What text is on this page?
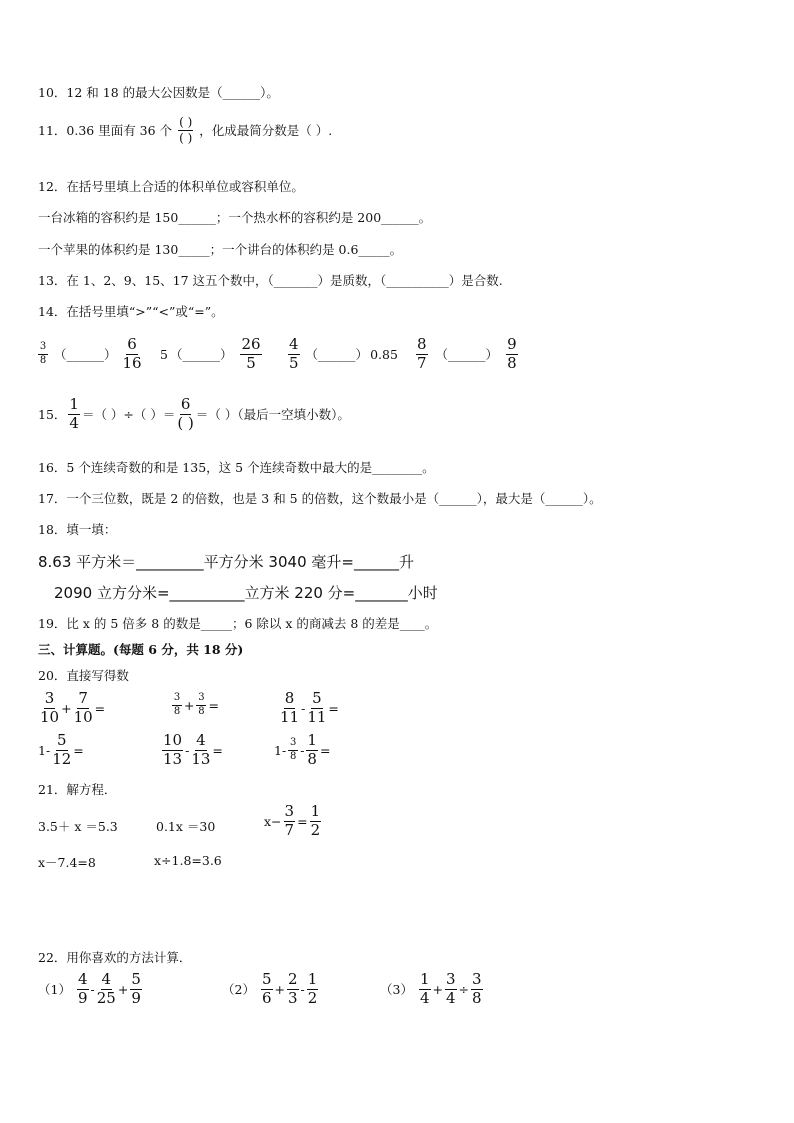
10．12 和 18 的最大公因数是（______）。
11．0.36 里面有 36 个 $\frac{( )}{( )}$ ，化成最简分数是（ ）.
12．在括号里填上合适的体积单位或容积单位。
一台冰箱的容积约是 150______；一个热水杯的容积约是 200______。
一个苹果的体积约是 130_____；一个讲台的体积约是 0.6_____。
13．在 1、2、9、15、17 这五个数中，（_______）是质数，（__________）是合数.
14．在括号里填“>”“<”或“=”。
$\frac{3}{8}$ （______） $\frac{6}{16} 5$ （______） $\frac{26}{5} \frac{4}{5}$ （______） $0.85 \frac{8}{7}$ （______） $\frac{9}{8}$
15． $\frac{1}{4}$ ＝（ ）÷（ ）＝ $\frac{6}{( )}$ ＝（ ）（最后一空填小数）。
16．5 个连续奇数的和是 135，这 5 个连续奇数中最大的是________。
17．一个三位数，既是 2 的倍数，也是 3 和 5 的倍数，这个数最小是（______），最大是（______）。
18．填一填：
8.63 平方米＝_________平方分米 3040 毫升=______升
2090 立方分米=__________立方米 220 分=_______小时
19．比 x 的 5 倍多 8 的数是_____；6 除以 x 的商减去 8 的差是____。
三、计算题。(每题 6 分，共 18 分)
20．直接写得数
$\frac{3}{10} + \frac{7}{10}$ =	$\frac{3}{8} + \frac{3}{8}$ =	$\frac{8}{11} - \frac{5}{11}$ =
$1- \frac{5}{12}$ =	$\frac{10}{13} - \frac{4}{13}$ =	$1- \frac{3}{8} - \frac{1}{8}$ =
21．解方程．
3.5＋ x ＝5.3	0.1x ＝30	$x- \frac{3}{7} = \frac{1}{2}$
x－7.4=8	x÷1.8=3.6
22．用你喜欢的方法计算．
$(1) \frac{4}{9} - \frac{4}{25} + \frac{5}{9}$	$(2) \frac{5}{6} + \frac{2}{3} - \frac{1}{2}$	$(3) \frac{1}{4} + \frac{3}{4} \div \frac{3}{8}$
